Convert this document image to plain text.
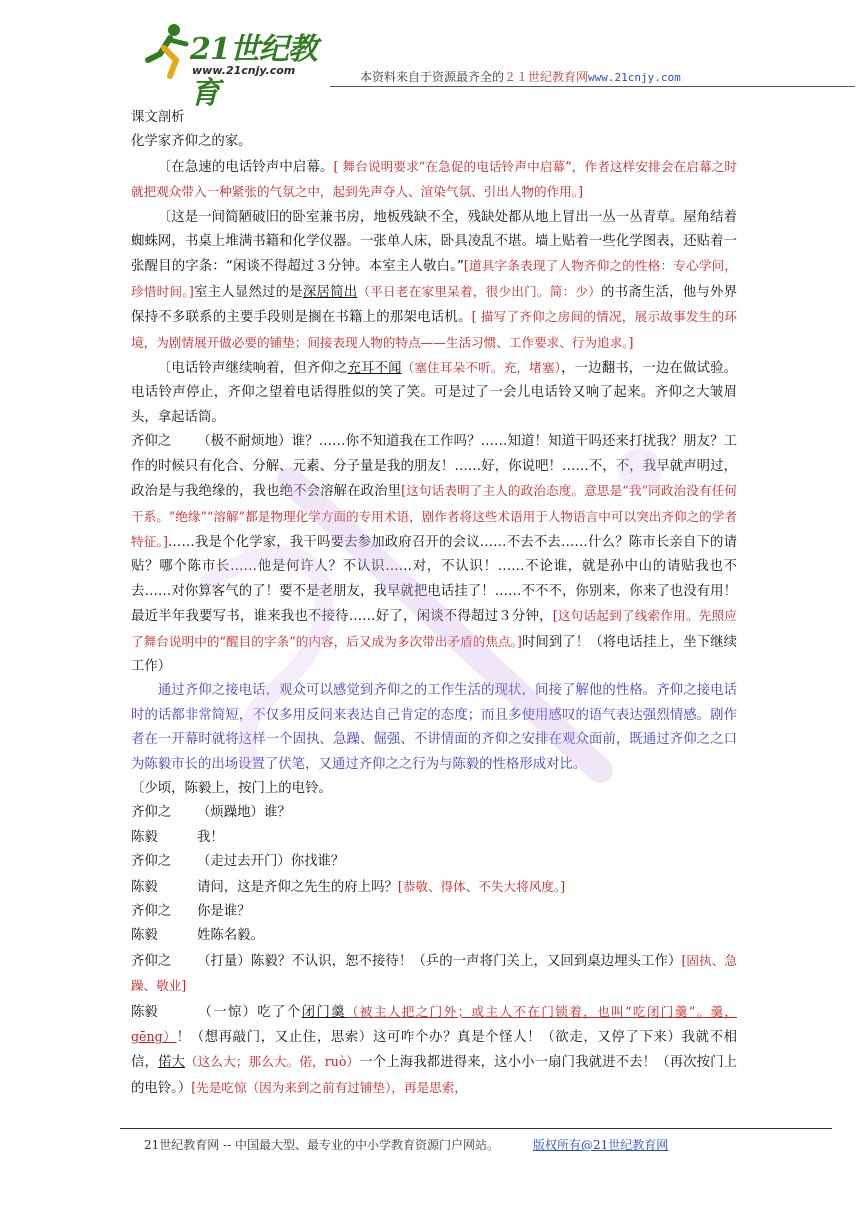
21世纪教育
www.21cnjy.com	本资料来自于资源最齐全的２１世纪教育网www.21cnjy.com

课文剖析

化学家齐仰之的家。

〔在急速的电话铃声中启幕。[ 舞台说明要求“在急促的电话铃声中启幕”，作者这样安排会在启幕之时就把观众带入一种紧张的气氛之中，起到先声夺人、渲染气氛、引出人物的作用。]

〔这是一间简陋破旧的卧室兼书房，地板残缺不全，残缺处都从地上冒出一丛一丛青草。屋角结着蜘蛛网，书桌上堆满书籍和化学仪器。一张单人床，卧具凌乱不堪。墙上贴着一些化学图表，还贴着一张醒目的字条：“闲谈不得超过３分钟。本室主人敬白。”[道具字条表现了人物齐仰之的性格：专心学问，珍惜时间。]室主人显然过的是深居简出（平日老在家里呆着，很少出门。简：少）的书斋生活，他与外界保持不多联系的主要手段则是搁在书籍上的那架电话机。[ 描写了齐仰之房间的情况，展示故事发生的环境，为剧情展开做必要的铺垫；间接表现人物的特点——生活习惯、工作要求、行为追求。]

〔电话铃声继续响着，但齐仰之充耳不闻（塞住耳朵不听。充，堵塞），一边翻书，一边在做试验。电话铃声停止，齐仰之望着电话得胜似的笑了笑。可是过了一会儿电话铃又响了起来。齐仰之大皱眉头，拿起话筒。

齐仰之 （极不耐烦地）谁？……你不知道我在工作吗？……知道！知道干吗还来打扰我？朋友？工作的时候只有化合、分解、元素、分子量是我的朋友！……好，你说吧！……不，不，我早就声明过，政治是与我绝缘的，我也绝不会溶解在政治里[这句话表明了主人的政治态度。意思是“我”同政治没有任何干系。“绝缘”“溶解”都是物理化学方面的专用术语，剧作者将这些术语用于人物语言中可以突出齐仰之的学者特征。]……我是个化学家，我干吗要去参加政府召开的会议……不去不去……什么？陈市长亲自下的请贴？哪个陈市长……他是何许人？不认识……对，不认识！……不论谁，就是孙中山的请贴我也不去……对你算客气的了！要不是老朋友，我早就把电话挂了！……不不不，你别来，你来了也没有用！最近半年我要写书，谁来我也不接待……好了，闲谈不得超过３分钟，[这句话起到了线索作用。先照应了舞台说明中的“醒目的字条”的内容，后又成为多次带出矛盾的焦点。]时间到了！（将电话挂上，坐下继续工作）

通过齐仰之接电话，观众可以感觉到齐仰之的工作生活的现状，间接了解他的性格。齐仰之接电话时的话都非常简短，不仅多用反问来表达自己肯定的态度；而且多使用感叹的语气表达强烈情感。剧作者在一开幕时就将这样一个固执、急躁、倔强、不讲情面的齐仰之安排在观众面前，既通过齐仰之之口为陈毅市长的出场设置了伏笔，又通过齐仰之之行为与陈毅的性格形成对比。

〔少顷，陈毅上，按门上的电铃。

齐仰之 （烦躁地）谁？

陈毅	我！

齐仰之 （走过去开门）你找谁？

陈毅	请问，这是齐仰之先生的府上吗？[恭敬、得体、不失大将风度。]

齐仰之 你是谁？

陈毅	姓陈名毅。

齐仰之 （打量）陈毅？不认识，恕不接待！（乒的一声将门关上，又回到桌边埋头工作）[固执、急躁、敬业]

陈毅	（一惊）吃了个闭门羹（被主人把之门外；或主人不在门锁着，也叫“吃闭门羹”。羹，gēng）！（想再敲门，又止住，思索）这可咋个办？真是个怪人！（欲走，又停了下来）我就不相信，偌大（这么大；那么大。偌，ruò）一个上海我都进得来，这小小一扇门我就进不去！（再次按门上的电铃。）[先是吃惊（因为来到之前有过铺垫），再是思索，

21世纪教育网 -- 中国最大型、最专业的中小学教育资源门户网站。	版权所有@21世纪教育网
